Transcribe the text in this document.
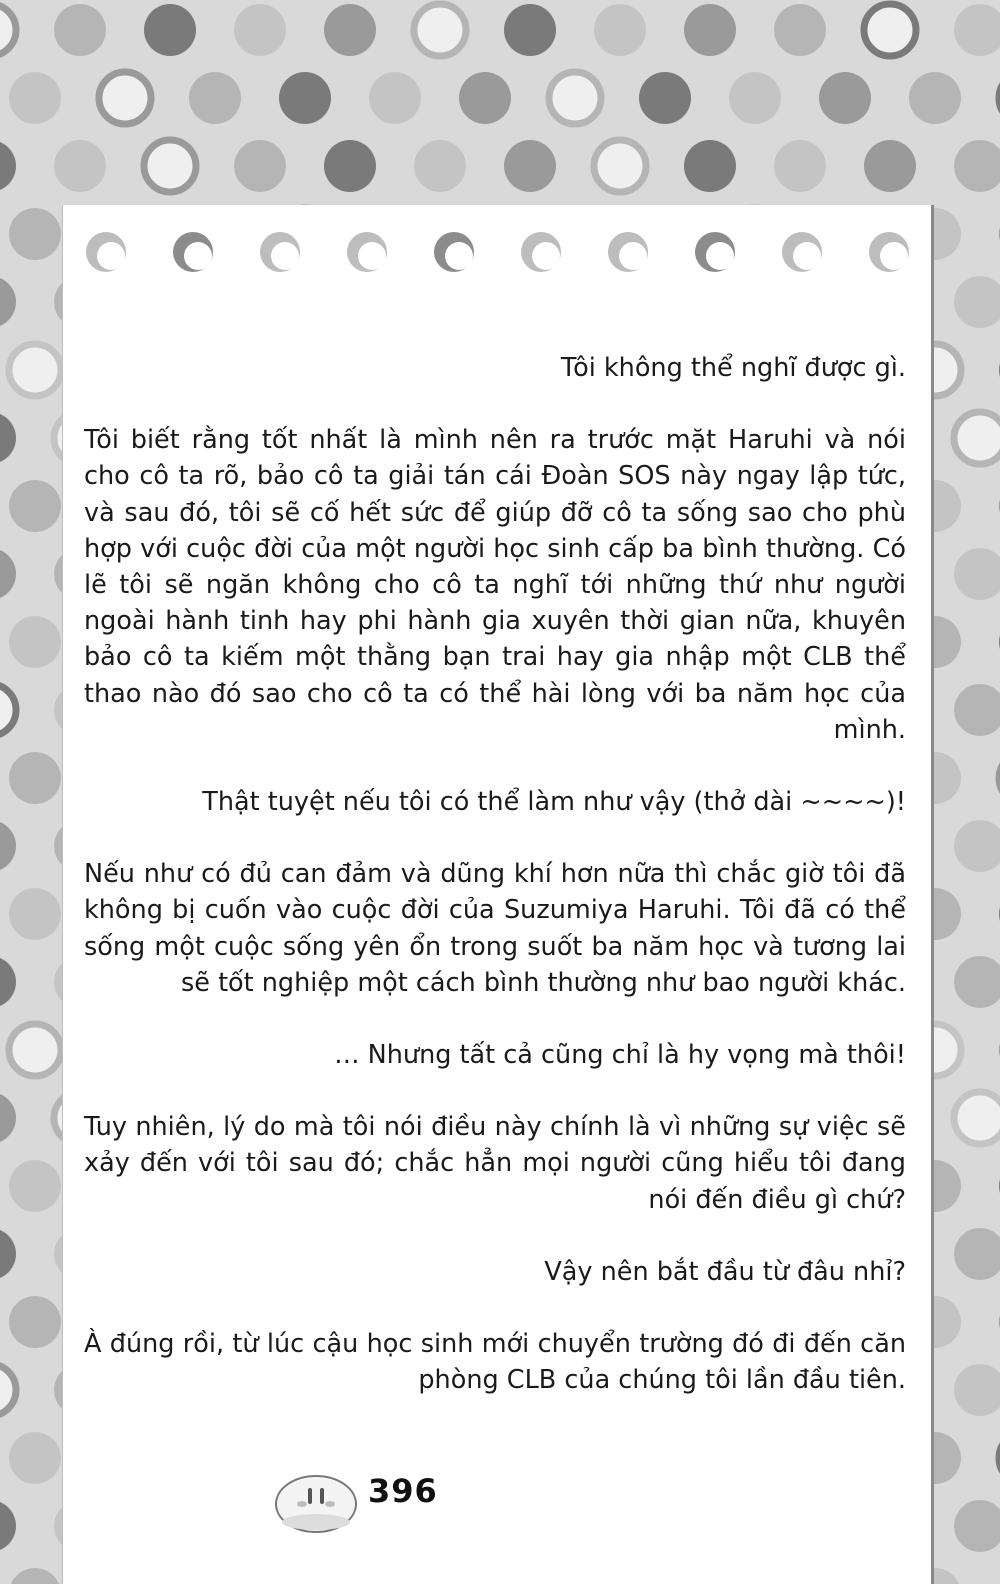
Tôi không thể nghĩ được gì.

Tôi biết rằng tốt nhất là mình nên ra trước mặt Haruhi và nói cho cô ta rõ, bảo cô ta giải tán cái Đoàn SOS này ngay lập tức, và sau đó, tôi sẽ cố hết sức để giúp đỡ cô ta sống sao cho phù hợp với cuộc đời của một người học sinh cấp ba bình thường. Có lẽ tôi sẽ ngăn không cho cô ta nghĩ tới những thứ như người ngoài hành tinh hay phi hành gia xuyên thời gian nữa, khuyên bảo cô ta kiếm một thằng bạn trai hay gia nhập một CLB thể thao nào đó sao cho cô ta có thể hài lòng với ba năm học của mình.

Thật tuyệt nếu tôi có thể làm như vậy (thở dài ~~~~)!

Nếu như có đủ can đảm và dũng khí hơn nữa thì chắc giờ tôi đã không bị cuốn vào cuộc đời của Suzumiya Haruhi. Tôi đã có thể sống một cuộc sống yên ổn trong suốt ba năm học và tương lai sẽ tốt nghiệp một cách bình thường như bao người khác.

… Nhưng tất cả cũng chỉ là hy vọng mà thôi!

Tuy nhiên, lý do mà tôi nói điều này chính là vì những sự việc sẽ xảy đến với tôi sau đó; chắc hẳn mọi người cũng hiểu tôi đang nói đến điều gì chứ?

Vậy nên bắt đầu từ đâu nhỉ?

À đúng rồi, từ lúc cậu học sinh mới chuyển trường đó đi đến căn phòng CLB của chúng tôi lần đầu tiên.

396
